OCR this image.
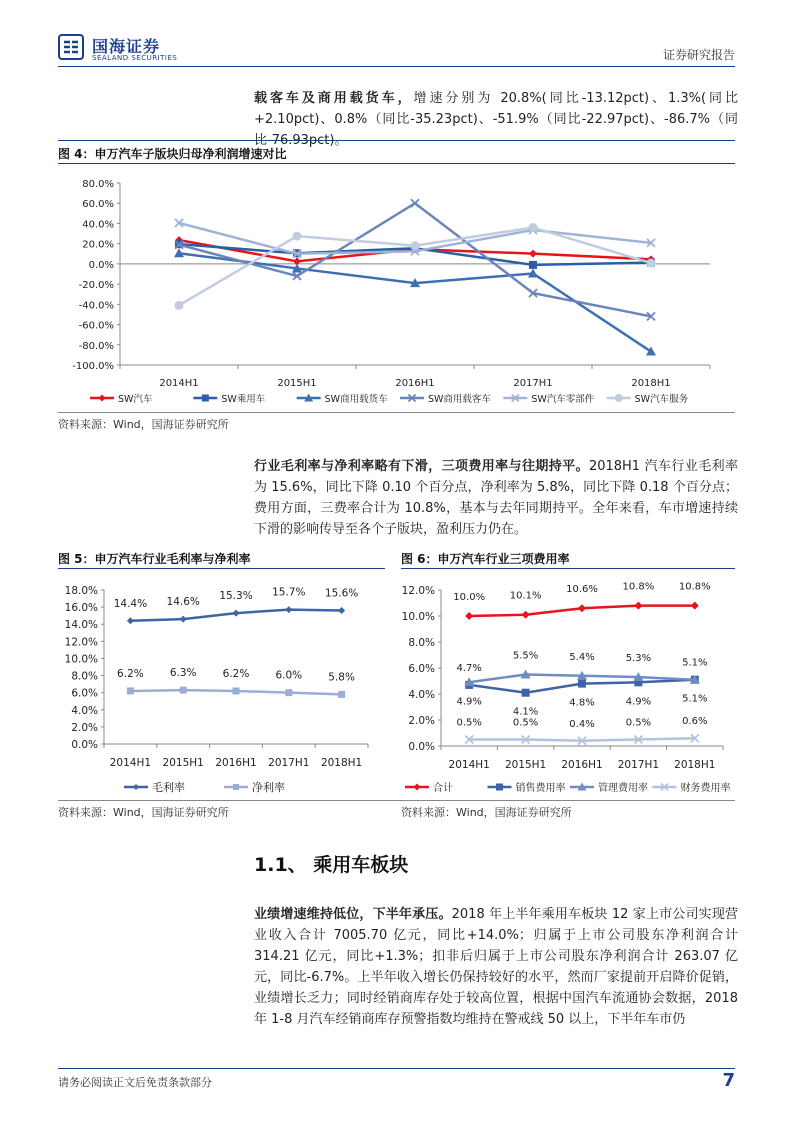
国海证券
SEALAND SECURITIES	证券研究报告
载客车及商用载货车，增速分别为 20.8%(同比-13.12pct)、1.3%(同比+2.10pct)、0.8%（同比-35.23pct)、-51.9%（同比-22.97pct)、-86.7%（同比-76.93pct)。
图 4：申万汽车子版块归母净利润增速对比
80.0%
60.0%
40.0%
20.0%
0.0%
-20.0%
-40.0%
-60.0%
-80.0%
-100.0%
2014H1	2015H1	2016H1	2017H1	2018H1
SW汽车	SW乘用车	SW商用载货车	SW商用载客车	SW汽车零部件	SW汽车服务
资料来源：Wind，国海证券研究所
行业毛利率与净利率略有下滑，三项费用率与往期持平。2018H1 汽车行业毛利率为 15.6%，同比下降 0.10 个百分点，净利率为 5.8%，同比下降 0.18 个百分点；费用方面，三费率合计为 10.8%，基本与去年同期持平。全年来看，车市增速持续下滑的影响传导至各个子版块，盈利压力仍在。
图 5：申万汽车行业毛利率与净利率
18.0%
16.0%
14.0%
12.0%
10.0%
8.0%
6.0%
4.0%
2.0%
0.0%
2014H1 2015H1 2016H1 2017H1 2018H1
14.4% 14.6% 15.3% 15.7% 15.6%
6.2% 6.3% 6.2% 6.0% 5.8%
毛利率	净利率
图 6：申万汽车行业三项费用率
12.0%
10.0%
8.0%
6.0%
4.0%
2.0%
0.0%
2014H1 2015H1 2016H1 2017H1 2018H1
10.0% 10.1%
10.6% 10.8% 10.8%
4.7%
4.1%
4.8%	4.9%
5.1%
4.9%
5.5%	5.4%	5.3%
5.1%
0.5%	0.5%	0.4%	0.5%	0.6%
合计	销售费用率	管理费用率	财务费用率
资料来源：Wind，国海证券研究所	资料来源：Wind，国海证券研究所
1.1、 乘用车板块
业绩增速维持低位，下半年承压。2018 年上半年乘用车板块 12 家上市公司实现营业收入合计 7005.70 亿元，同比+14.0%；归属于上市公司股东净利润合计 314.21 亿元，同比+1.3%；扣非后归属于上市公司股东净利润合计 263.07 亿元，同比-6.7%。上半年收入增长仍保持较好的水平，然而厂家提前开启降价促销，业绩增长乏力；同时经销商库存处于较高位置，根据中国汽车流通协会数据，2018 年 1-8 月汽车经销商库存预警指数均维持在警戒线 50 以上，下半年车市仍
请务必阅读正文后免责条款部分	7
